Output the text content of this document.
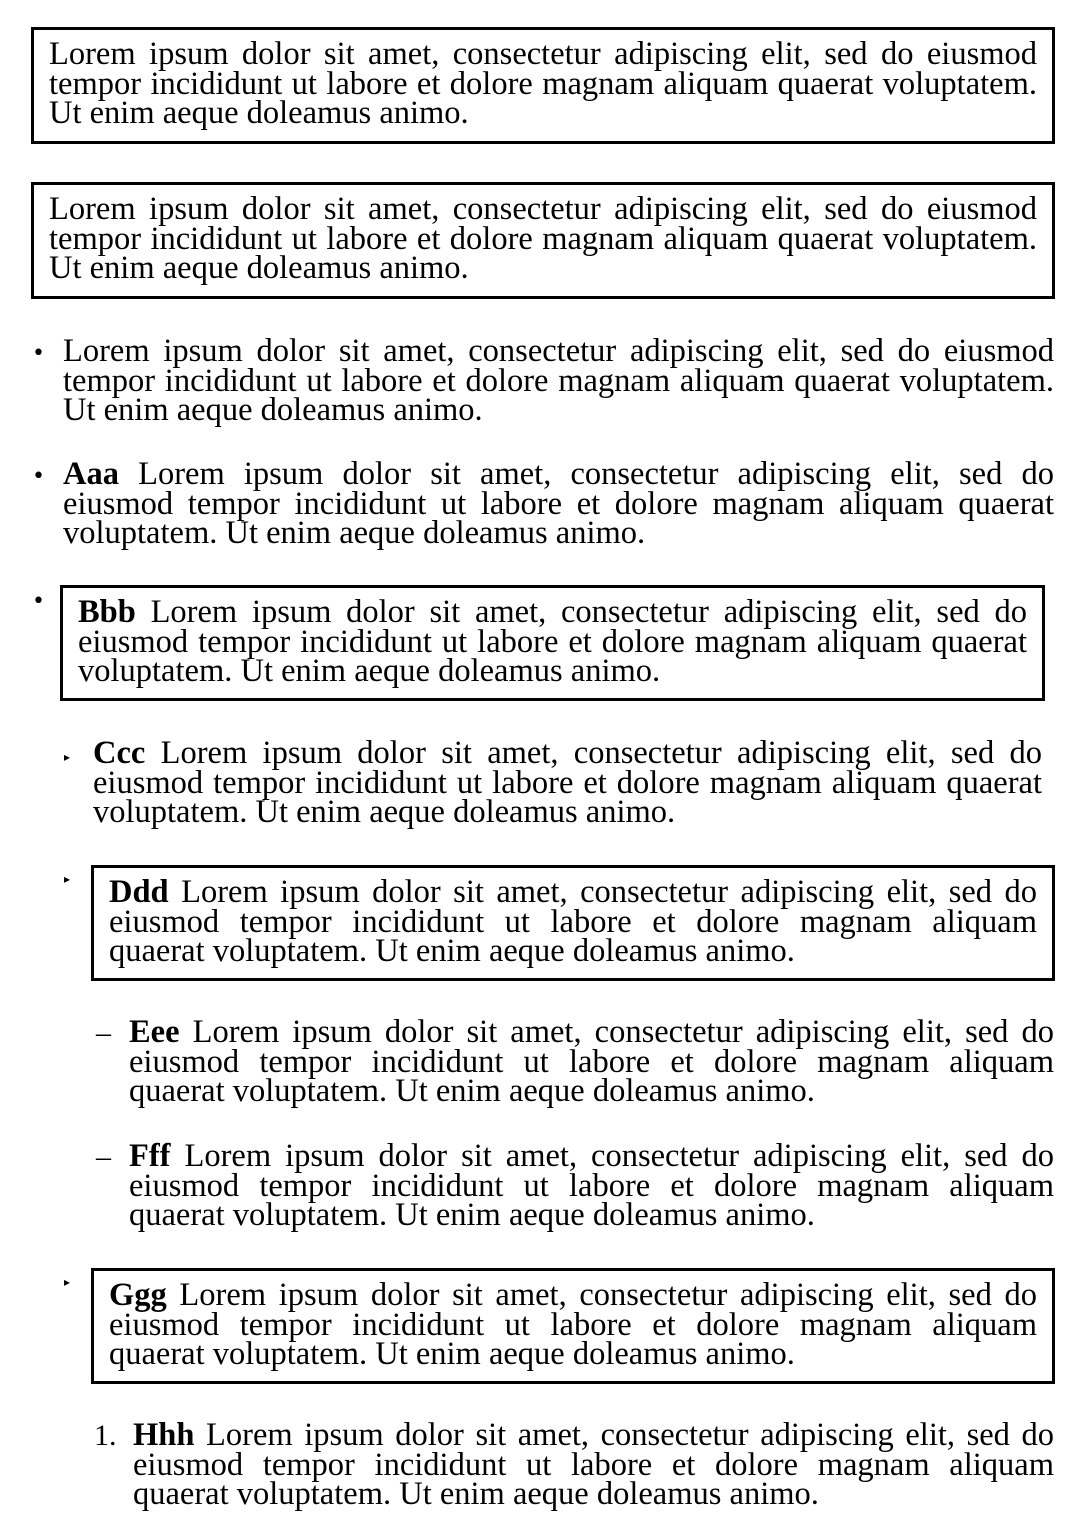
Lorem ipsum dolor sit amet, consectetur adipiscing elit, sed do eiusmod tempor incididunt ut labore et dolore magnam aliquam quaerat voluptatem. Ut enim aeque doleamus animo.
Lorem ipsum dolor sit amet, consectetur adipiscing elit, sed do eiusmod tempor incididunt ut labore et dolore magnam aliquam quaerat voluptatem. Ut enim aeque doleamus animo.
• Lorem ipsum dolor sit amet, consectetur adipiscing elit, sed do eiusmod tempor incididunt ut labore et dolore magnam aliquam quaerat voluptatem. Ut enim aeque doleamus animo.
• Aaa Lorem ipsum dolor sit amet, consectetur adipiscing elit, sed do eiusmod tempor incididunt ut labore et dolore magnam aliquam quaerat voluptatem. Ut enim aeque doleamus animo.
•	Bbb Lorem ipsum dolor sit amet, consectetur adipiscing elit, sed do eiusmod tempor incididunt ut labore et dolore magnam aliquam quaerat voluptatem. Ut enim aeque doleamus animo.
▸ Ccc Lorem ipsum dolor sit amet, consectetur adipiscing elit, sed do eiusmod tempor incididunt ut labore et dolore magnam aliquam quaerat voluptatem. Ut enim aeque doleamus animo.
▸	Ddd Lorem ipsum dolor sit amet, consectetur adipiscing elit, sed do eiusmod tempor incididunt ut labore et dolore magnam aliquam quaerat voluptatem. Ut enim aeque doleamus animo.
– Eee Lorem ipsum dolor sit amet, consectetur adipiscing elit, sed do eiusmod tempor incididunt ut labore et dolore magnam aliquam quaerat voluptatem. Ut enim aeque doleamus animo.
– Fff Lorem ipsum dolor sit amet, consectetur adipiscing elit, sed do eiusmod tempor incididunt ut labore et dolore magnam aliquam quaerat voluptatem. Ut enim aeque doleamus animo.
▸	Ggg Lorem ipsum dolor sit amet, consectetur adipiscing elit, sed do eiusmod tempor incididunt ut labore et dolore magnam aliquam quaerat voluptatem. Ut enim aeque doleamus animo.
1. Hhh Lorem ipsum dolor sit amet, consectetur adipiscing elit, sed do eiusmod tempor incididunt ut labore et dolore magnam aliquam quaerat voluptatem. Ut enim aeque doleamus animo.
